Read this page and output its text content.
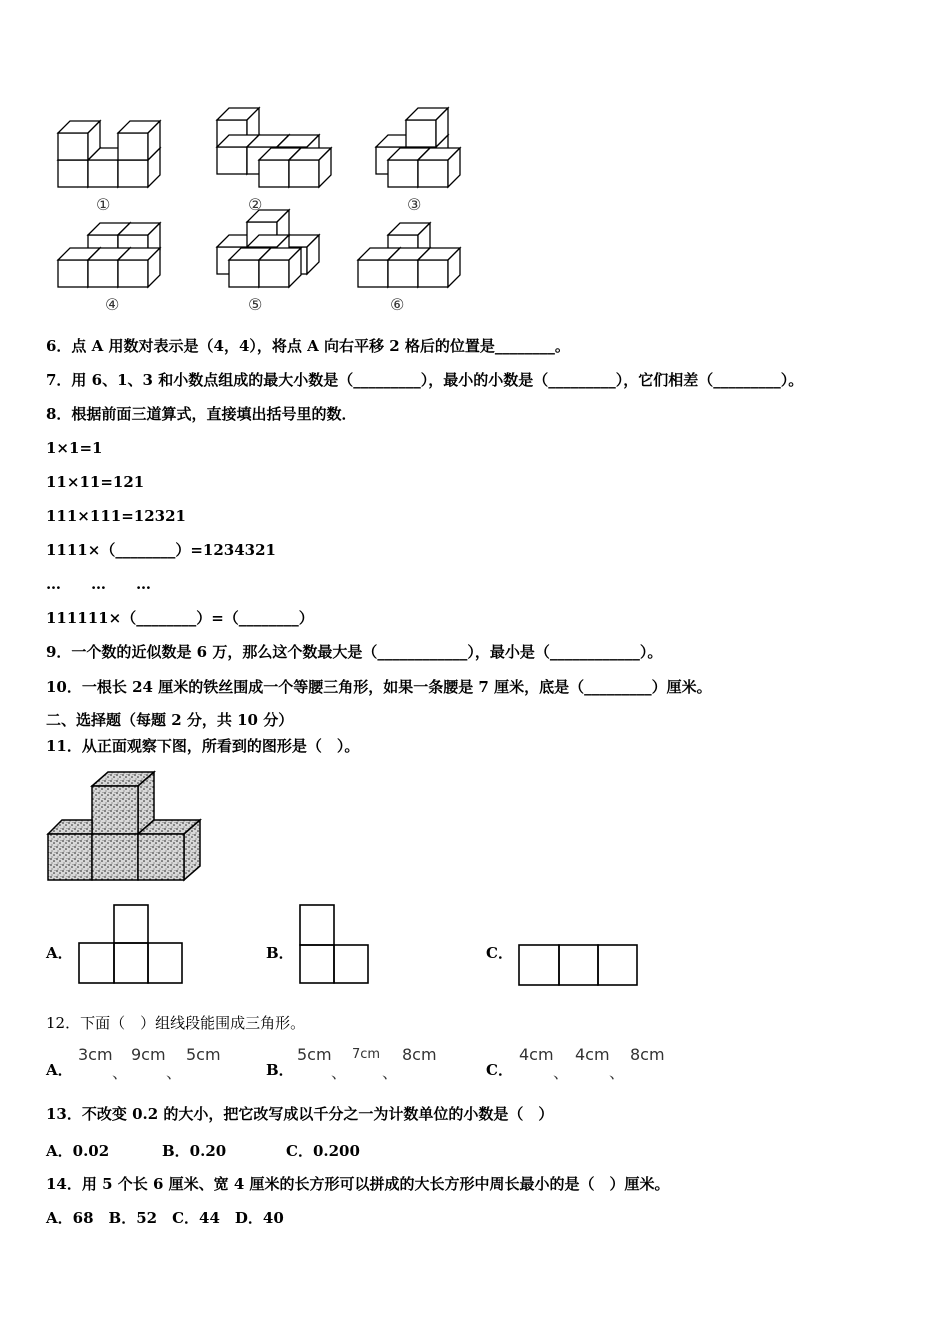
①	②	③
④	⑤	⑥
6．点 A 用数对表示是（4，4），将点 A 向右平移 2 格后的位置是________。
7．用 6、1、3 和小数点组成的最大小数是（_________），最小的小数是（_________），它们相差（_________）。
8．根据前面三道算式，直接填出括号里的数．
1×1=1
11×11=121
111×111=12321
1111×（________）=1234321
…　　…　　…
111111×（________）=（________）
9．一个数的近似数是 6 万，那么这个数最大是（____________），最小是（____________）。
10．一根长 24 厘米的铁丝围成一个等腰三角形，如果一条腰是 7 厘米，底是（_________）厘米。
二、选择题（每题 2 分，共 10 分）
11．从正面观察下图，所看到的图形是（　）。
A．	B．	C．
12．下面（　）组线段能围成三角形。
A．
3cm
、
9cm
、
5cm
B．
5cm
、
7cm
、
8cm
C．
4cm
、
4cm
、
8cm
13．不改变 0.2 的大小，把它改写成以千分之一为计数单位的小数是（　）
A．0.02	B．0.20	C．0.200
14．用 5 个长 6 厘米、宽 4 厘米的长方形可以拼成的大长方形中周长最小的是（　）厘米。
A．68　B．52　C．44　D．40
